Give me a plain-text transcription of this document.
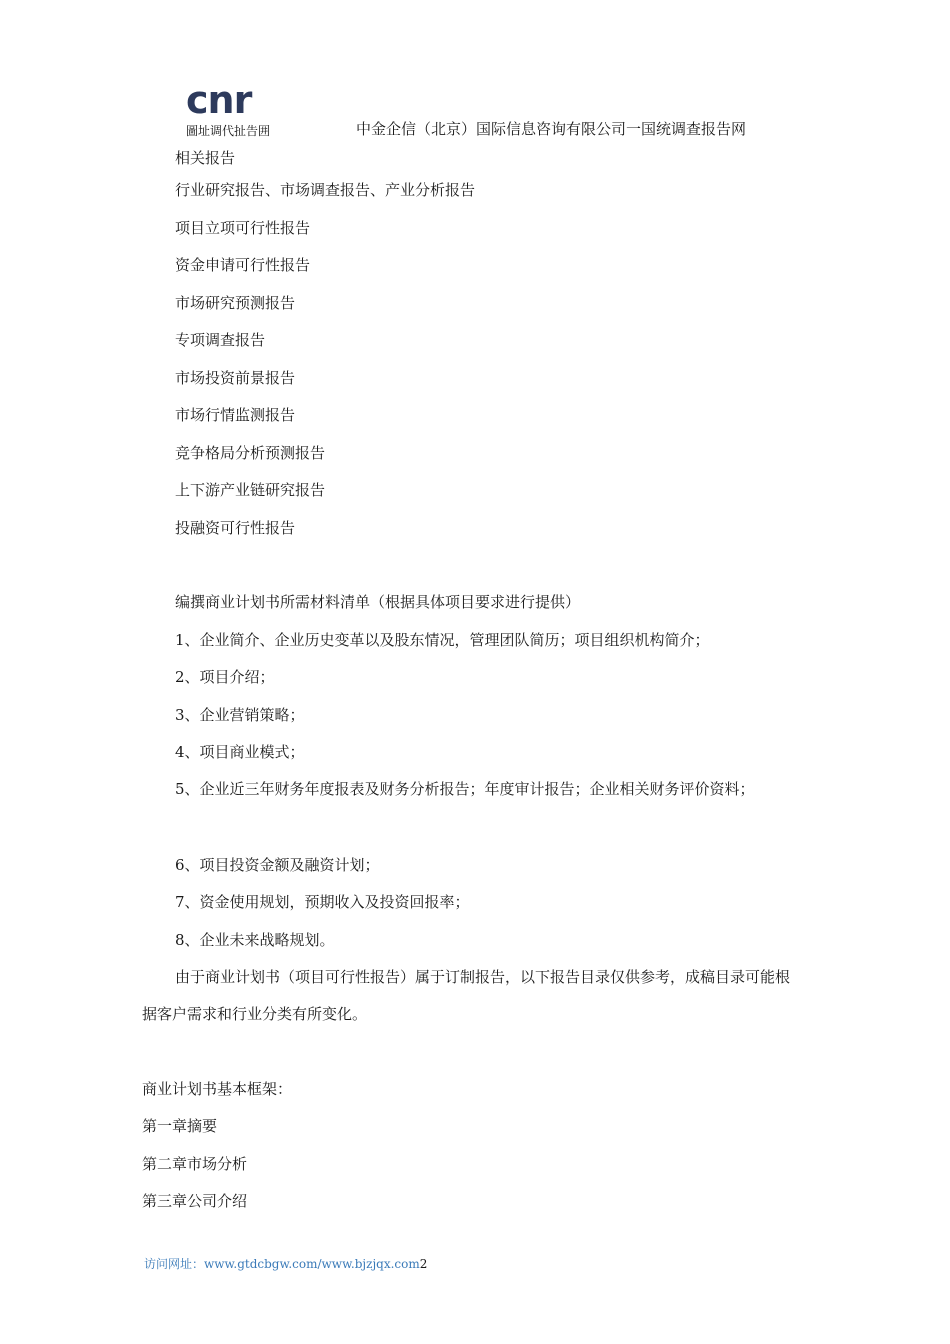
cnr
圖址调代扯告囲	中金企信（北京）国际信息咨询有限公司一国统调查报告网
相关报告
行业研究报告、市场调查报告、产业分析报告
项目立项可行性报告
资金申请可行性报告
市场研究预测报告
专项调查报告
市场投资前景报告
市场行情监测报告
竞争格局分析预测报告
上下游产业链研究报告
投融资可行性报告
编撰商业计划书所需材料清单（根据具体项目要求进行提供）
1、企业简介、企业历史变革以及股东情况，管理团队简历；项目组织机构简介；
2、项目介绍；
3、企业营销策略；
4、项目商业模式；
5、企业近三年财务年度报表及财务分析报告；年度审计报告；企业相关财务评价资料；
6、项目投资金额及融资计划；
7、资金使用规划，预期收入及投资回报率；
8、企业未来战略规划。
由于商业计划书（项目可行性报告）属于订制报告，以下报告目录仅供参考，成稿目录可能根据客户需求和行业分类有所变化。
商业计划书基本框架：
第一章摘要
第二章市场分析
第三章公司介绍
访问网址：www.gtdcbgw.com/www.bjzjqx.com2
